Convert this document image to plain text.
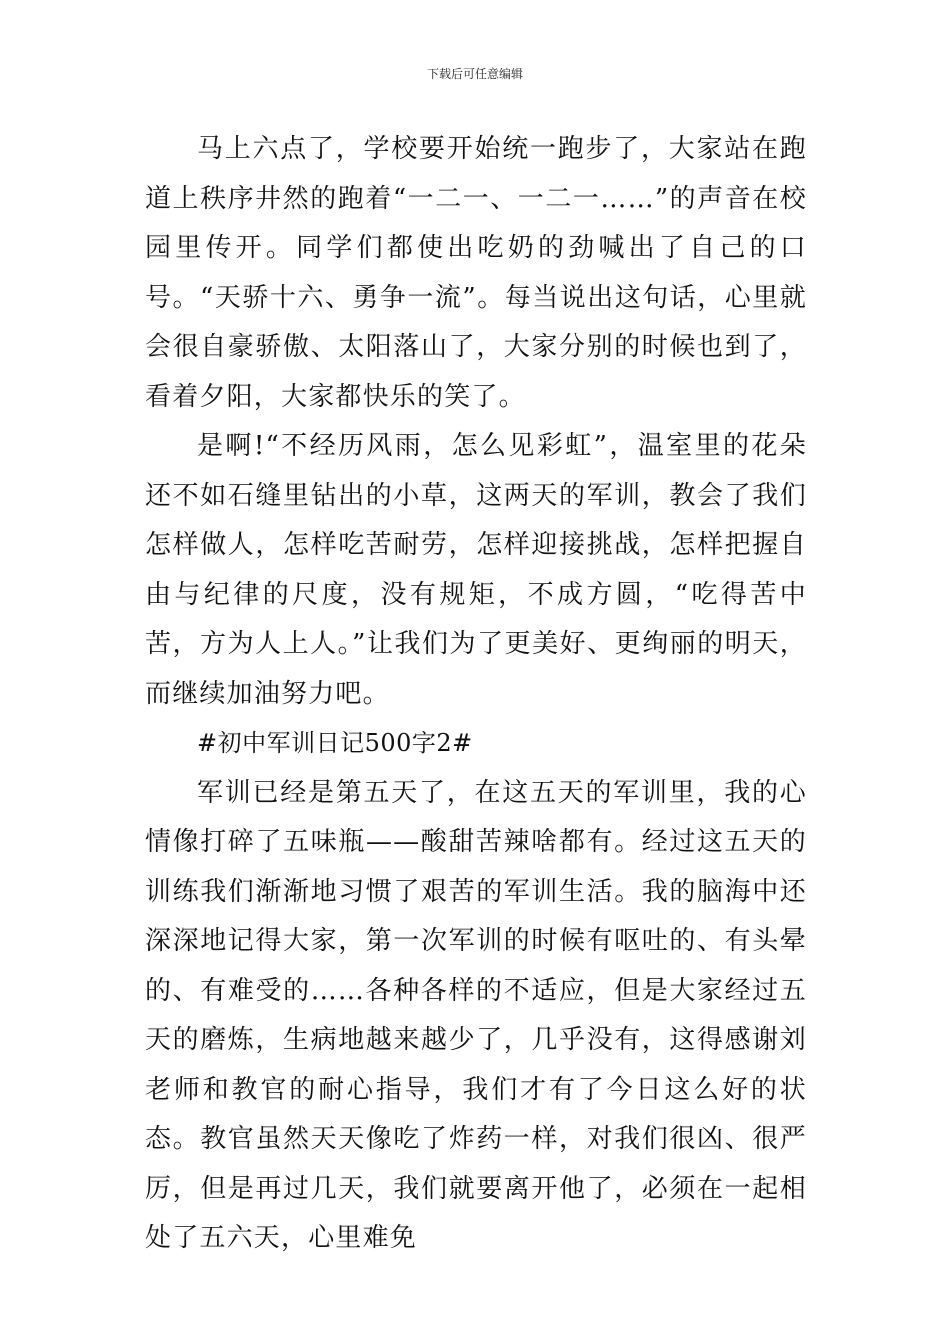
下载后可任意编辑

马上六点了，学校要开始统一跑步了，大家站在跑道上秩序井然的跑着“一二一、一二一……”的声音在校园里传开。同学们都使出吃奶的劲喊出了自己的口号。“天骄十六、勇争一流”。每当说出这句话，心里就会很自豪骄傲、太阳落山了，大家分别的时候也到了，看着夕阳，大家都快乐的笑了。

是啊!“不经历风雨，怎么见彩虹”，温室里的花朵还不如石缝里钻出的小草，这两天的军训，教会了我们怎样做人，怎样吃苦耐劳，怎样迎接挑战，怎样把握自由与纪律的尺度，没有规矩，不成方圆，“吃得苦中苦，方为人上人。”让我们为了更美好、更绚丽的明天，而继续加油努力吧。

#初中军训日记500字2#

军训已经是第五天了，在这五天的军训里，我的心情像打碎了五味瓶——酸甜苦辣啥都有。经过这五天的训练我们渐渐地习惯了艰苦的军训生活。我的脑海中还深深地记得大家，第一次军训的时候有呕吐的、有头晕的、有难受的……各种各样的不适应，但是大家经过五天的磨炼，生病地越来越少了，几乎没有，这得感谢刘老师和教官的耐心指导，我们才有了今日这么好的状态。教官虽然天天像吃了炸药一样，对我们很凶、很严厉，但是再过几天，我们就要离开他了，必须在一起相处了五六天，心里难免
